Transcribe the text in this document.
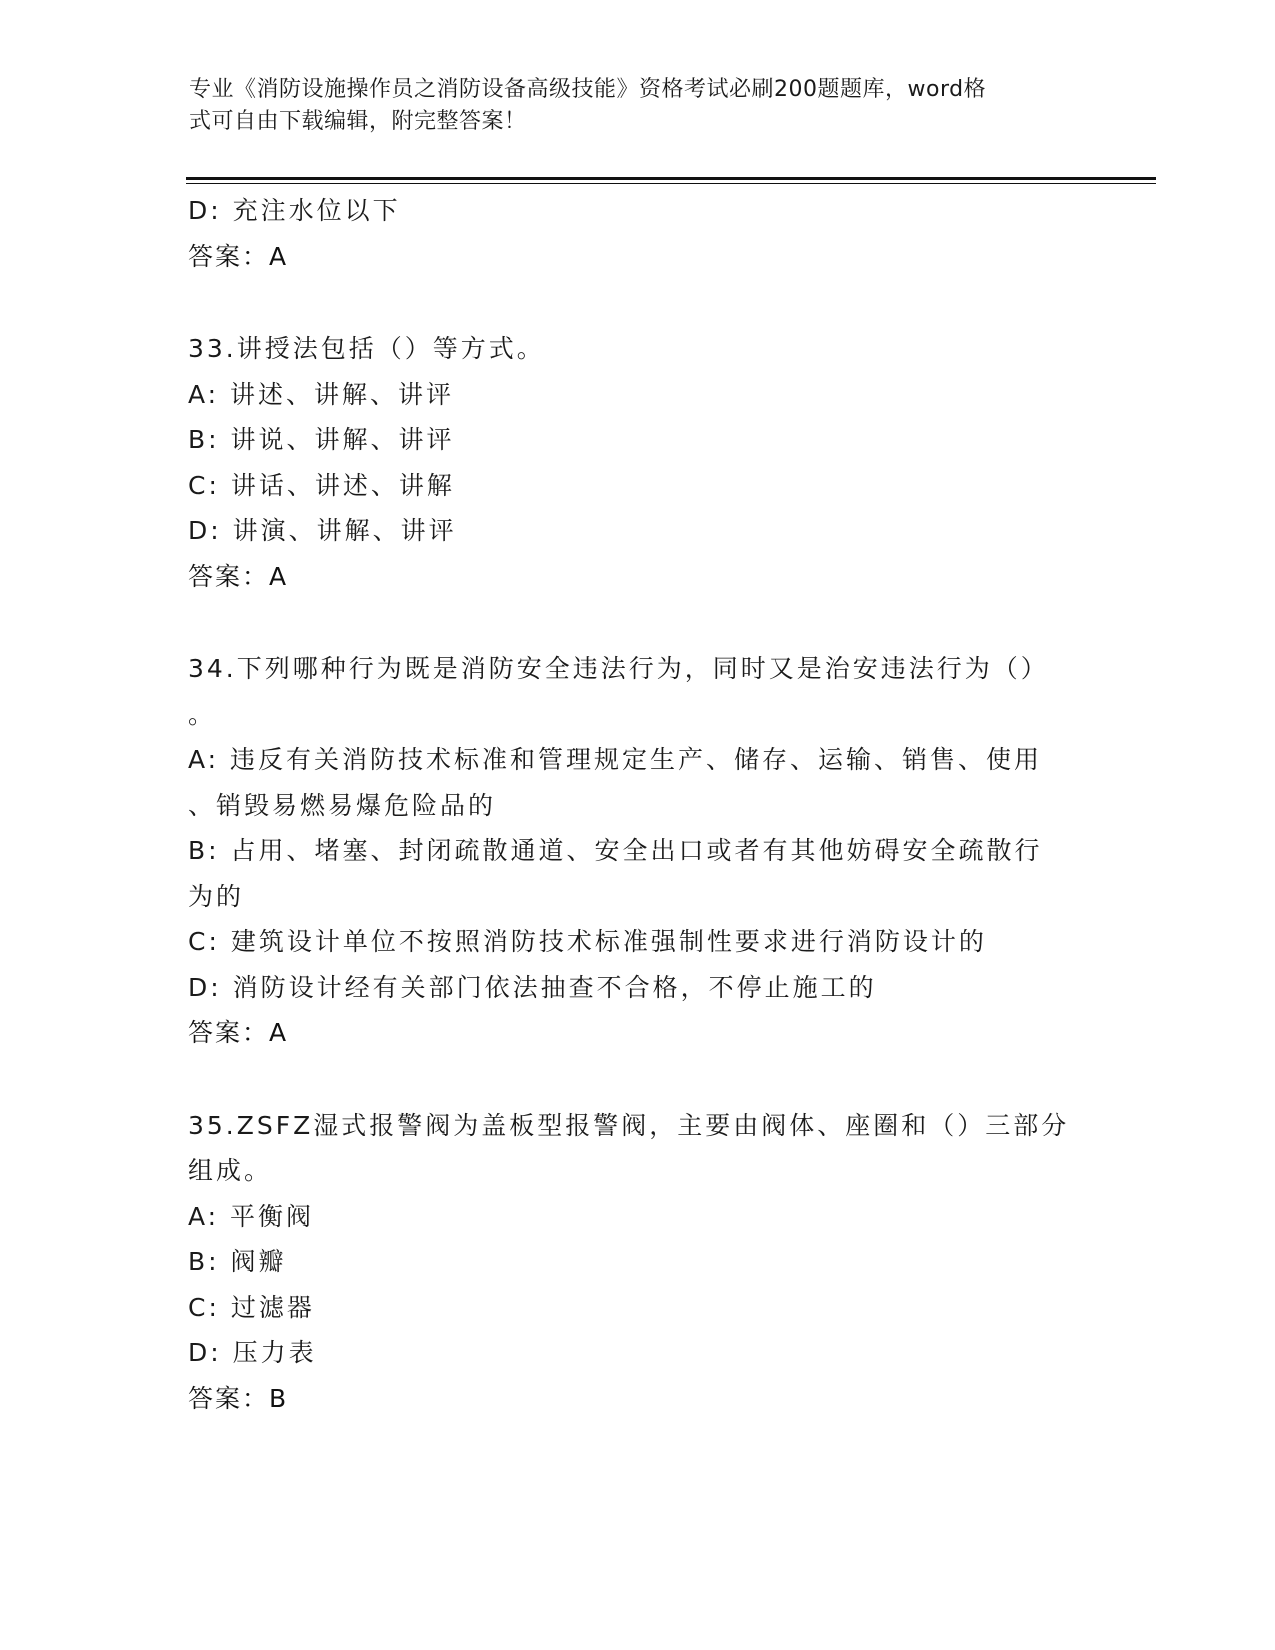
专业《消防设施操作员之消防设备高级技能》资格考试必刷200题题库，word格
式可自由下载编辑，附完整答案！
D: 充注水位以下
答案：A
33.讲授法包括（）等方式。
A: 讲述、讲解、讲评
B: 讲说、讲解、讲评
C: 讲话、讲述、讲解
D: 讲演、讲解、讲评
答案：A
34.下列哪种行为既是消防安全违法行为，同时又是治安违法行为（）
。
A: 违反有关消防技术标准和管理规定生产、储存、运输、销售、使用
、销毁易燃易爆危险品的
B: 占用、堵塞、封闭疏散通道、安全出口或者有其他妨碍安全疏散行
为的
C: 建筑设计单位不按照消防技术标准强制性要求进行消防设计的
D: 消防设计经有关部门依法抽查不合格，不停止施工的
答案：A
35.ZSFZ湿式报警阀为盖板型报警阀，主要由阀体、座圈和（）三部分
组成。
A: 平衡阀
B: 阀瓣
C: 过滤器
D: 压力表
答案：B
